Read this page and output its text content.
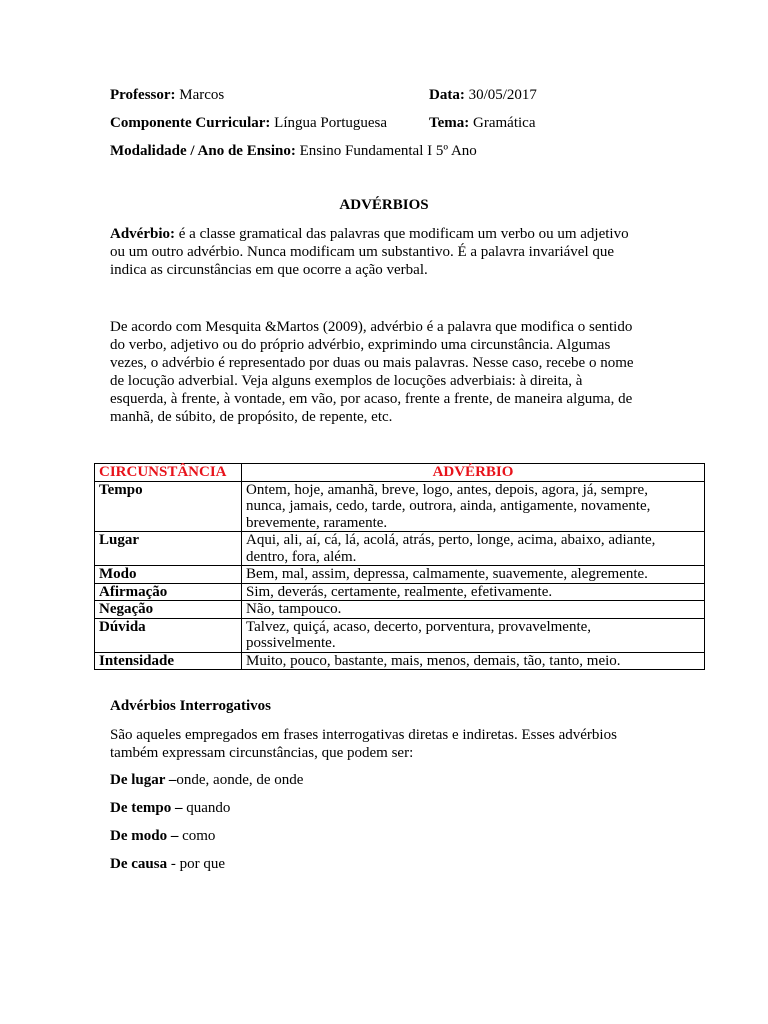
Professor: Marcos	Data: 30/05/2017
Componente Curricular: Língua Portuguesa	Tema: Gramática
Modalidade / Ano de Ensino: Ensino Fundamental I 5º Ano
ADVÉRBIOS
Advérbio: é a classe gramatical das palavras que modificam um verbo ou um adjetivo
ou um outro advérbio. Nunca modificam um substantivo. É a palavra invariável que
indica as circunstâncias em que ocorre a ação verbal.
De acordo com Mesquita &Martos (2009), advérbio é a palavra que modifica o sentido
do verbo, adjetivo ou do próprio advérbio, exprimindo uma circunstância. Algumas
vezes, o advérbio é representado por duas ou mais palavras. Nesse caso, recebe o nome
de locução adverbial. Veja alguns exemplos de locuções adverbiais: à direita, à
esquerda, à frente, à vontade, em vão, por acaso, frente a frente, de maneira alguma, de
manhã, de súbito, de propósito, de repente, etc.
CIRCUNSTÂNCIA	ADVÉRBIO
Tempo	Ontem, hoje, amanhã, breve, logo, antes, depois, agora, já, sempre,
nunca, jamais, cedo, tarde, outrora, ainda, antigamente, novamente,
brevemente, raramente.

Lugar	Aqui, ali, aí, cá, lá, acolá, atrás, perto, longe, acima, abaixo, adiante,
dentro, fora, além.

Modo	Bem, mal, assim, depressa, calmamente, suavemente, alegremente.

Afirmação	Sim, deverás, certamente, realmente, efetivamente.

Negação	Não, tampouco.

Dúvida	Talvez, quiçá, acaso, decerto, porventura, provavelmente,
possivelmente.

Intensidade	Muito, pouco, bastante, mais, menos, demais, tão, tanto, meio.
Advérbios Interrogativos
São aqueles empregados em frases interrogativas diretas e indiretas. Esses advérbios
também expressam circunstâncias, que podem ser:
De lugar –onde, aonde, de onde
De tempo – quando
De modo – como
De causa - por que
